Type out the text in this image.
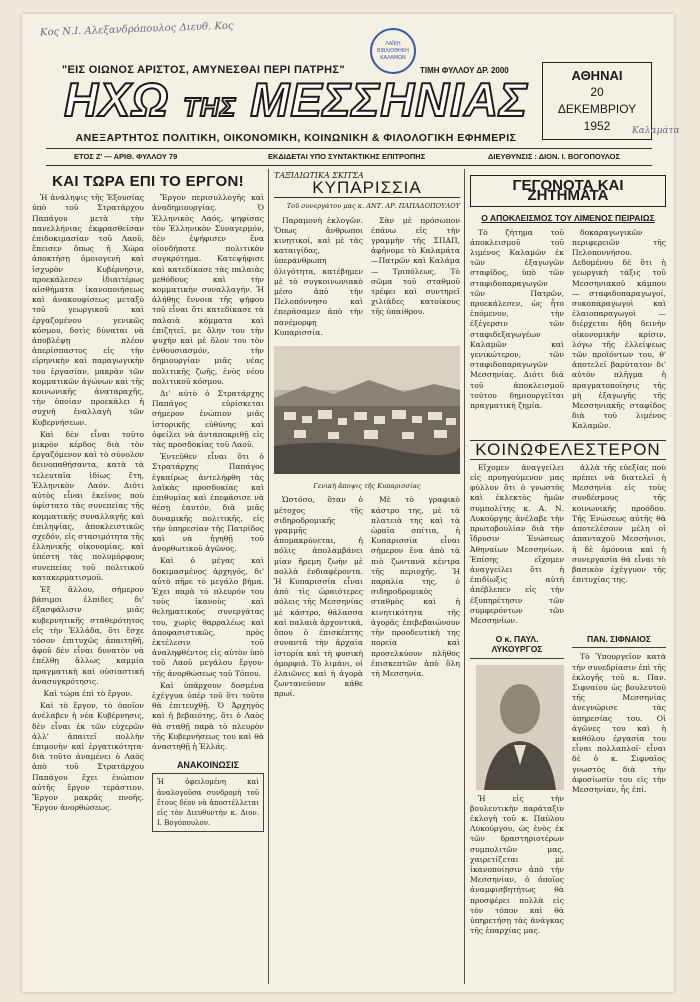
Κος Ν.Ι. Αλεξανδρόπουλος Διευθ. Κος
ΛΑΪΚΗ ΒΙΒΛΙΟΘΗΚΗ ΚΑΛΑΜΩΝ
"ΕΙΣ ΟΙΩΝΟΣ ΑΡΙΣΤΟΣ, ΑΜΥΝΕΣΘΑΙ ΠΕΡΙ ΠΑΤΡΗΣ"	ΤΙΜΗ ΦΥΛΛΟΥ ΔΡ. 2000	ΑΘΗΝΑΙ
20
ΔΕΚΕΜΒΡΙΟΥ
1952
ΗΧΩ ΤΗΣ ΜΕΣΣΗΝΙΑΣ
ΑΝΕΞΑΡΤΗΤΟΣ ΠΟΛΙΤΙΚΗ, ΟΙΚΟΝΟΜΙΚΗ, ΚΟΙΝΩΝΙΚΗ & ΦΙΛΟΛΟΓΙΚΗ ΕΦΗΜΕΡΙΣ
ΕΤΟΣ Ζ' — ΑΡΙΘ. ΦΥΛΛΟΥ 79	ΕΚΔΙΔΕΤΑΙ ΥΠΟ ΣΥΝΤΑΚΤΙΚΗΣ ΕΠΙΤΡΟΠΗΣ	ΔΙΕΥΘΥΝΣΙΣ : ΔΙΟΝ. Ι. ΒΟΓΟΠΟΥΛΟΣ
ΚΑΙ ΤΩΡΑ ΕΠΙ ΤΟ ΕΡΓΟΝ!

Ἡ ἀνάληψις τῆς Ἐξουσίας ὑπὸ τοῦ Στρατάρχου Παπάγου μετὰ τὴν πανελλήνιας ἐκφρασθεῖσαν ἐπιδοκιμασίαν τοῦ Λαοῦ, ἔπεισεν ὅπως ἡ Χώρα ἀποκτήσῃ ὁμοιογενῆ καὶ ἰσχυρὸν Κυβέρνησιν, προεκάλεσεν ἰδιαιτέρως αἰσθήματα ἱκανοποιήσεως καὶ ἀνακουφίσεως μεταξὺ τοῦ γεωργικοῦ καὶ ἐργαζομένου γενικῶς κόσμου, δοτὶς δύναται νὰ ἀποβλέψῃ πλέον ἀπερίσπαστος εἰς τὴν εἰρηνικὴν καὶ παραγωγικὴν του ἐργασίαν, μακρὰν τῶν κομματικῶν ἀγώνων καὶ τῆς κοινωνικῆς ἀναταραχῆς, τὴν ὁποίαν προεκάλει ἡ συχνὴ ἐναλλαγὴ τῶν Κυβερνήσεων.

Καὶ δὲν εἶναι τοῦτο μικρὸν κέρδος διὰ τὸν ἐργαζόμενον καὶ τὸ σύνολον δεινοπαθήσαντα, κατὰ τὰ τελευταῖα ἰδίως ἔτη, Ἑλληνικὸν Λαόν. Διότι αὐτὸς εἶναι ἐκεῖνος ποὺ ὑφίστατο τὰς συνεπείας τῆς κομματικῆς συναλλαγῆς καὶ ἐπιληψίας, ἀποκλειστικῶς σχεδόν, εἰς στασιμότητα τῆς ἐλληνικῆς οἰκονομίας, καὶ ὑπέστη τὰς πολυμόρφους συνεπείας τοῦ πολιτικοῦ κατακερματισμοῦ.

Ἐξ ἄλλου, σήμερον βάσιμοι ἐλπίδες δι' ἐξασφάλισιν μιᾶς κυβερνητικῆς σταθερότητος εἰς τὴν Ἑλλάδα, ὅτι ἔσχε τόσον ἐπιτυχῶς ἀπαιτηθῆ, ἀφοῦ δὲν εἶναι δυνατὸν νὰ ἐπέλθῃ ἄλλως καμμία πραγματικὴ καὶ οὐσιαστικὴ ἀνασυγκρότησις.

Καὶ τώρα ἐπὶ τὸ ἔργον.

Καὶ τὸ ἔργον, τὸ ὁποῖον ἀνέλαβεν ἡ νέα Κυβέρνησις, δὲν εἶναι ἐκ τῶν εὐχερῶν ἀλλ' ἀπαιτεῖ πολλὴν ἐπιμονὴν καὶ ἐργατικότητα· διὰ τοῦτο ἀναμένει ὁ Λαὸς ἀπὸ τοῦ Στρατάρχου Παπάγου ἔχει ἐνώπιον αὐτῆς ἔργον τεράστιον. Ἔργον μακρᾶς πνοῆς. Ἔργον ἀνορθώσεως.

Ἔργον περισυλλογῆς καὶ ἀναδημιουργίας. Ὁ Ἑλληνικὸς Λαός, ψηφίσας τὸν Ἑλληνικὸν Συναγερμόν, δὲν ἐψήφισεν ἕνα οἰονδήποτε πολιτικὸν συγκρότημα. Κατεψήφισε καὶ κατεδίκασε τὰς παλαιὰς μεθόδους καὶ τὴν κομματικὴν συναλλαγήν. Ἡ ἀλήθης ἔννοια τῆς ψήφου τοῦ εἶναι ὅτι κατεδίκασε τὰ παλαιὰ κόμματα καὶ ἐπιζητεῖ, με ὅλην του τὴν ψυχὴν καὶ μὲ ὅλον του τὸν ἐνθουσιασμόν, τὴν δημιουργίαν μιᾶς νέας πολιτικῆς ζωῆς, ἑνὸς νέου πολιτικοῦ κόσμου.

Δι' αὐτὸ ὁ Στρατάρχης Παπάγος εὑρίσκεται σήμερον ἐνώπιον μιᾶς ἱστορικῆς εὐθύνης καὶ ὀφείλει νὰ ἀνταποκριθῇ εἰς τὰς προσδοκίας τοῦ Λαοῦ.

Ἐντεῦθεν εἶναι ὅτι ὁ Στρατάρχης Παπάγος ἐγκαίρως ἀντελήφθη τὰς λαϊκὰς προσδοκίας καὶ ἐπιθυμίας καὶ ἐπεφάσισε νὰ θέσῃ ἑαυτόν, διὰ μιᾶς δυναμικῆς πολιτικῆς, εἰς τὴν ὑπηρεσίαν τῆς Πατρίδος καὶ νὰ ἠγηθῇ τοῦ ἀνορθωτικοῦ ἀγῶνος.

Καὶ ὁ μέγας καὶ δοκιμασμένος ἀρχηγός, δι' αὐτὸ πῆρε τὸ μεγάλο βήμα. Ἐχει παρὰ τὸ πλευρόν του τοὺς ἱκανοὺς καὶ θεληματικοὺς συνεργάτας του, χωρὶς θαρραλέως καὶ ἀποφασιστικῶς, πρὸς ἐκτέλεσιν τοῦ ἀναληφθέντος εἰς αὐτὸν ὑπὸ τοῦ Λαοῦ μεγάλου ἔργου· τῆς ἀνορθώσεως τοῦ Τόπου.

Καὶ ὑπάρχουν δοσμένα ἐχέγγυα ὑπὲρ τοῦ ὅτι τοῦτο θὰ ἐπιτευχθῇ. Ὁ Ἀρχηγὸς καὶ ἡ βεβαιότης, ὅτι ὁ Λαὸς θὰ σταθῇ παρὰ τὸ πλευρὸν τῆς Κυβερνήσεως του καὶ θὰ ἀναστηθῇ ἡ Ἑλλάς.

ΑΝΑΚΟΙΝΩΣΙΣ
Ἡ ὀφειλομένη καὶ ἀναλογοῦσα συνδρομὴ τοῦ ἔτους δέον νὰ ἀποστέλλεται εἰς τὸν Διευθυντὴν κ. Διον. Ι. Βογόπουλον.
ΤΑΞΙΔΙΩΤΙΚΑ ΣΚΙΤΣΑ
ΚΥΠΑΡΙΣΣΙΑ
Τοῦ συνεργάτου μας κ. ΑΝΤ. ΑΡ. ΠΑΠΑΔΟΠΟΥΛΟΥ

Παραμονὴ ἐκλογῶν. Ὅπως ἄνθρωποι κινητικοί, καὶ μὲ τὰς καταιγίδας, ὑπεράνθρωπη ὀλιγότητα, κατέβημεν μὲ τὸ συγκοινωνιακὸ μέσο ἀπὸ τὴν Πελοπόννησο καὶ ἐπεράσαμεν ἀπὸ τὴν πανέμορφη Κυπαρισσία.

Σὰν μὲ πρόσωπον ἐπάνω εἰς τὴν γραμμὴν τῆς ΣΠΑΠ, ἀφήνομε τὸ Καλαμάτα —Πατρῶν καὶ Καλάμα — Τριπόλεως. Τὸ σῶμα τοῦ σταθμοῦ τρέφει καὶ συντηρεῖ χιλιάδες κατοίκους τῆς ὑπαίθρου.

Γενικὴ ἄποψις τῆς Κυπαρισσίας

Ὡστόσο, ὅταν ὁ μέτοχος τῆς σιδηροδρομικῆς γραμμῆς ἀπομακρύνεται, ἡ πόλις ἀπολαμβάνει μίαν ἤρεμη ζωὴν μὲ πολλὰ ἐνδιαφέροντα. Ἡ Κυπαρισσία εἶναι ἀπὸ τὶς ὡραιότερες πόλεις τῆς Μεσσηνίας μὲ κάστρο, θάλασσα καὶ παλαιὰ ἀρχοντικά, ὅπου ὁ ἐπισκέπτης συναντᾶ τὴν ἀρχαία ἱστορία καὶ τὴ φυσικὴ ὀμορφιά. Τὸ λιμάνι, οἱ ἐλαιῶνες καὶ ἡ ἀγορὰ ζωντανεύουν κάθε πρωί.

Μὲ τὸ γραφικὸ κάστρο της, μὲ τὰ πλατειὰ της καὶ τὰ ὡραῖα σπίτια, ἡ Κυπαρισσία εἶναι σήμερον ἕνα ἀπὸ τὰ πιὸ ζωντανὰ κέντρα τῆς περιοχῆς. Ἡ παραλία της, ὁ σιδηροδρομικὸς σταθμὸς καὶ ἡ κινητικότητα τῆς ἀγορᾶς ἐπιβεβαιώνουν τὴν προοδευτικὴ της πορεία καὶ προσελκύουν πλῆθος ἐπισκεπτῶν ἀπὸ ὅλη τὴ Μεσσηνία.

ΓΕΓΟΝΟΤΑ ΚΑΙ ΖΗΤΗΜΑΤΑ
Ο ΑΠΟΚΛΕΙΣΜΟΣ ΤΟΥ ΛΙΜΕΝΟΣ ΠΕΙΡΑΙΩΣ

Τὸ ζήτημα τοῦ ἀποκλεισμοῦ τοῦ λιμένος Καλαμῶν ἐκ τῶν ἐξαγωγῶν σταφίδος, ὑπὸ τῶν σταφιδοπαραγωγῶν τῶν Πατρῶν, προεκάλεσεν, ὡς ἦτο ἑπόμενον, τὴν ἐξέγερσιν τῶν σταφιδεξαγωγέων Καλαμῶν καὶ γενικώτερον, τῶν σταφιδοπαραγωγῶν Μεσσηνίας. Διότι διὰ τοῦ ἀποκλεισμοῦ τούτου δημιουργεῖται πραγματικὴ ζημία.

δοκαραγωγικῶν περιφερειῶν τῆς Πελοποννήσου. Δεδομένου δὲ ὅτι ἡ γεωργικὴ τάξις τοῦ Μεσσηνιακοῦ κάμπου — σταφιδοπαραγωγοί, συκοπαραγωγοὶ καὶ ἐλαιοπαραγωγοὶ — διέρχεται ἤδη δεινὴν οἰκονομικὴν κρίσιν, λόγω τῆς ἐλλείψεως τῶν προϊόντων του, θ' ἀποτελεῖ βαρύτατον δι' αὐτὸν πλῆγμα ἡ πραγματοποίησις τῆς μὴ ἐξαγωγῆς τῆς Μεσσηνιακῆς σταφίδος διὰ τοῦ λιμένος Καλαμῶν.

ΚΟΙΝΩΦΕΛΕΣΤΕΡΟΝ

Εἴχομεν ἀναγγείλει εἰς προηγούμενον μας φύλλον ὅτι ὁ γνωστὸς καὶ ἐκλεκτὸς ἡμῶν συμπολίτης κ. Α. Ν. Λυκούργης ἀνέλαβε τὴν πρωτοβουλίαν διὰ τὴν ἵδρυσιν Ἑνώσεως Ἀθηναίων Μεσσηνίων. Ἐπίσης εἴχομεν ἀναγγείλει ὅτι ἡ ἐπιδίωξις αὐτὴ ἀπέβλεπεν εἰς τὴν ἐξυπηρέτησιν τῶν συμφερόντων τῶν Μεσσηνίων.

ἀλλὰ τῆς εὐεξίας ποὺ πρέπει νὰ διατελεῖ ἡ Μεσσηνία εἰς τοὺς συνδέσμους τῆς κοινωνικῆς προόδου. Τῆς Ἑνώσεως αὐτῆς θὰ ἀποτελέσουν μέλη οἱ ἀπανταχοῦ Μεσσήνιοι, ἡ δὲ ὁμόνοια καὶ ἡ συνεργασία θὰ εἶναι τὸ βασικὸν ἐχέγγυον τῆς ἐπιτυχίας της.

Ο κ. ΠΑΥΛ. ΛΥΚΟΥΡΓΟΣ

Ἡ εἰς τὴν βουλευτικὴν παράταξιν ἐκλογὴ τοῦ κ. Παύλου Λυκούργου, ὡς ἑνὸς ἐκ τῶν δραστηριοτέρων συμπολιτῶν μας, χαιρετίζεται μὲ ἱκανοποίησιν ἀπὸ τὴν Μεσσηνίαν, ὁ ὁποῖος ἀναμφισβητήτως θὰ προσφέρει πολλὰ εἰς τὸν τόπον καὶ θὰ ὑπηρετήσῃ τὰς ἀνάγκας τῆς ἐπαρχίας μας.

ΠΑΝ. ΣΙΦΝΑΙΟΣ

Τὸ Ὑπουργεῖον κατὰ τὴν συνεδρίασιν ἐπὶ τῆς ἐκλογῆς τοῦ κ. Παν. Σιφναίου ὡς βουλευτοῦ τῆς Μεσσηνίας ἀνεγνώρισε τὰς ὑπηρεσίας του. Οἱ ἀγῶνες του καὶ ἡ καθόλου ἐργασία του εἶναι πολλαπλοῖ· εἶναι δὲ ὁ κ. Σιφναῖος γνωστὸς διὰ τὴν ἀφοσίωσίν του εἰς τὴν Μεσσηνίαν, ἧς ἐπί.

Καλαμάτα
